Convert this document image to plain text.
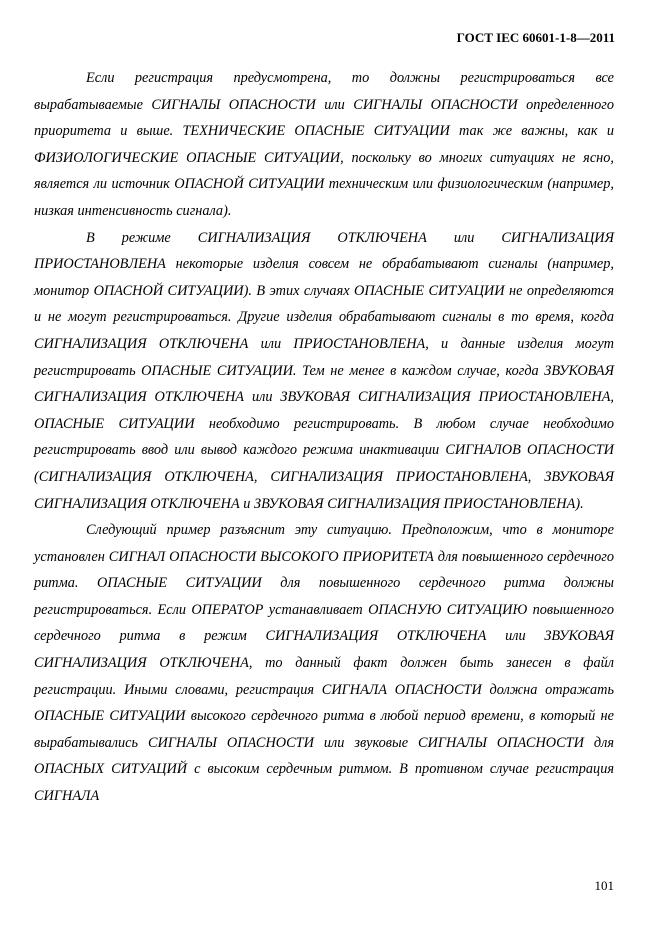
ГОСТ IEC 60601-1-8—2011

Если регистрация предусмотрена, то должны регистрироваться все вырабатываемые СИГНАЛЫ ОПАСНОСТИ или СИГНАЛЫ ОПАСНОСТИ определенного приоритета и выше. ТЕХНИЧЕСКИЕ ОПАСНЫЕ СИТУАЦИИ так же важны, как и ФИЗИОЛОГИЧЕСКИЕ ОПАСНЫЕ СИТУАЦИИ, поскольку во многих ситуациях не ясно, является ли источник ОПАСНОЙ СИТУАЦИИ техническим или физиологическим (например, низкая интенсивность сигнала).

В режиме СИГНАЛИЗАЦИЯ ОТКЛЮЧЕНА или СИГНАЛИЗАЦИЯ ПРИОСТАНОВЛЕНА некоторые изделия совсем не обрабатывают сигналы (например, монитор ОПАСНОЙ СИТУАЦИИ). В этих случаях ОПАСНЫЕ СИТУАЦИИ не определяются и не могут регистрироваться. Другие изделия обрабатывают сигналы в то время, когда СИГНАЛИЗАЦИЯ ОТКЛЮЧЕНА или ПРИОСТАНОВЛЕНА, и данные изделия могут регистрировать ОПАСНЫЕ СИТУАЦИИ. Тем не менее в каждом случае, когда ЗВУКОВАЯ СИГНАЛИЗАЦИЯ ОТКЛЮЧЕНА или ЗВУКОВАЯ СИГНАЛИЗАЦИЯ ПРИОСТАНОВЛЕНА, ОПАСНЫЕ СИТУАЦИИ необходимо регистрировать. В любом случае необходимо регистрировать ввод или вывод каждого режима инактивации СИГНАЛОВ ОПАСНОСТИ (СИГНАЛИЗАЦИЯ ОТКЛЮЧЕНА, СИГНАЛИЗАЦИЯ ПРИОСТАНОВЛЕНА, ЗВУКОВАЯ СИГНАЛИЗАЦИЯ ОТКЛЮЧЕНА и ЗВУКОВАЯ СИГНАЛИЗАЦИЯ ПРИОСТАНОВЛЕНА).

Следующий пример разъяснит эту ситуацию. Предположим, что в мониторе установлен СИГНАЛ ОПАСНОСТИ ВЫСОКОГО ПРИОРИТЕТА для повышенного сердечного ритма. ОПАСНЫЕ СИТУАЦИИ для повышенного сердечного ритма должны регистрироваться. Если ОПЕРАТОР устанавливает ОПАСНУЮ СИТУАЦИЮ повышенного сердечного ритма в режим СИГНАЛИЗАЦИЯ ОТКЛЮЧЕНА или ЗВУКОВАЯ СИГНАЛИЗАЦИЯ ОТКЛЮЧЕНА, то данный факт должен быть занесен в файл регистрации. Иными словами, регистрация СИГНАЛА ОПАСНОСТИ должна отражать ОПАСНЫЕ СИТУАЦИИ высокого сердечного ритма в любой период времени, в который не вырабатывались СИГНАЛЫ ОПАСНОСТИ или звуковые СИГНАЛЫ ОПАСНОСТИ для ОПАСНЫХ СИТУАЦИЙ с высоким сердечным ритмом. В противном случае регистрация СИГНАЛА

101
